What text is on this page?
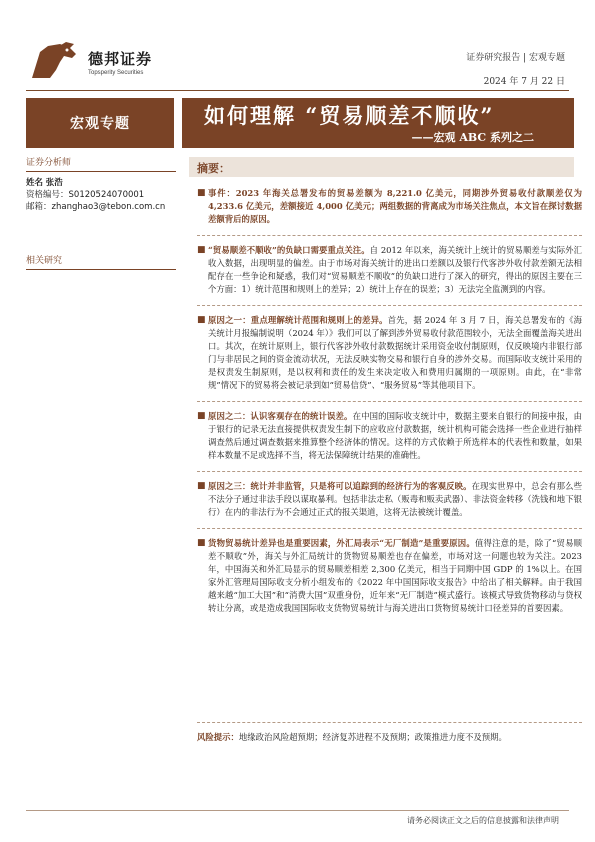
德邦证券
Topsperity Securities
证券研究报告 | 宏观专题
2024 年 7 月 22 日
宏观专题	如何理解 “贸易顺差不顺收”
——宏观 ABC 系列之二
证券分析师
姓名 张浩
资格编号：S0120524070001
邮箱：zhanghao3@tebon.com.cn
相关研究
摘要：
■ 事件：2023 年海关总署发布的贸易差额为 8,221.0 亿美元，同期涉外贸易收付款顺差仅为 4,233.6 亿美元，差额接近 4,000 亿美元；两组数据的背离成为市场关注焦点，本文旨在探讨数据差额背后的原因。
■ “贸易顺差不顺收”的负缺口需要重点关注。自 2012 年以来，海关统计上统计的贸易顺差与实际外汇收入数据，出现明显的偏差。由于市场对海关统计的进出口差额以及银行代客涉外收付款差额无法相配存在一些争论和疑惑，我们对“贸易顺差不顺收”的负缺口进行了深入的研究，得出的原因主要在三个方面：1）统计范围和规则上的差异；2）统计上存在的误差；3）无法完全监测到的内容。
■ 原因之一：重点理解统计范围和规则上的差异。首先，据 2024 年 3 月 7 日，海关总署发布的《海关统计月报编制说明（2024 年）》我们可以了解到涉外贸易收付款范围较小，无法全面覆盖海关进出口。其次，在统计原则上，银行代客涉外收付款数据统计采用资金收付制原则，仅反映境内非银行部门与非居民之间的资金流动状况，无法反映实物交易和银行自身的涉外交易。而国际收支统计采用的是权责发生制原则，是以权利和责任的发生来决定收入和费用归属期的一项原则。由此，在“非常规”情况下的贸易将会被记录到如“贸易信贷”、“服务贸易”等其他项目下。
■ 原因之二：认识客观存在的统计误差。在中国的国际收支统计中，数据主要来自银行的间接申报，由于银行的记录无法直接提供权责发生制下的应收应付款数据，统计机构可能会选择一些企业进行抽样调查然后通过调查数据来推算整个经济体的情况。这样的方式依赖于所选样本的代表性和数量，如果样本数量不足或选择不当，将无法保障统计结果的准确性。
■ 原因之三：统计并非监管，只是将可以追踪到的经济行为的客观反映。在现实世界中，总会有那么些不法分子通过非法手段以谋取暴利。包括非法走私（贩毒和贩卖武器）、非法资金转移（洗钱和地下银行）在内的非法行为不会通过正式的报关渠道，这将无法被统计覆盖。
■ 货物贸易统计差异也是重要因素，外汇局表示“无厂制造”是重要原因。值得注意的是，除了“贸易顺差不顺收”外，海关与外汇局统计的货物贸易顺差也存在偏差，市场对这一问题也较为关注。2023 年，中国海关和外汇局显示的贸易顺差相差 2,300 亿美元，相当于同期中国 GDP 的 1%以上。在国家外汇管理局国际收支分析小组发布的《2022 年中国国际收支报告》中给出了相关解释。由于我国越来越“加工大国”和“消费大国”双重身份，近年来“无厂制造”模式盛行。该模式导致货物移动与贷权转让分离，或是造成我国国际收支货物贸易统计与海关进出口货物贸易统计口径差异的首要因素。
风险提示：地缘政治风险超预期；经济复苏进程不及预期；政策推进力度不及预期。
请务必阅读正文之后的信息披露和法律声明
